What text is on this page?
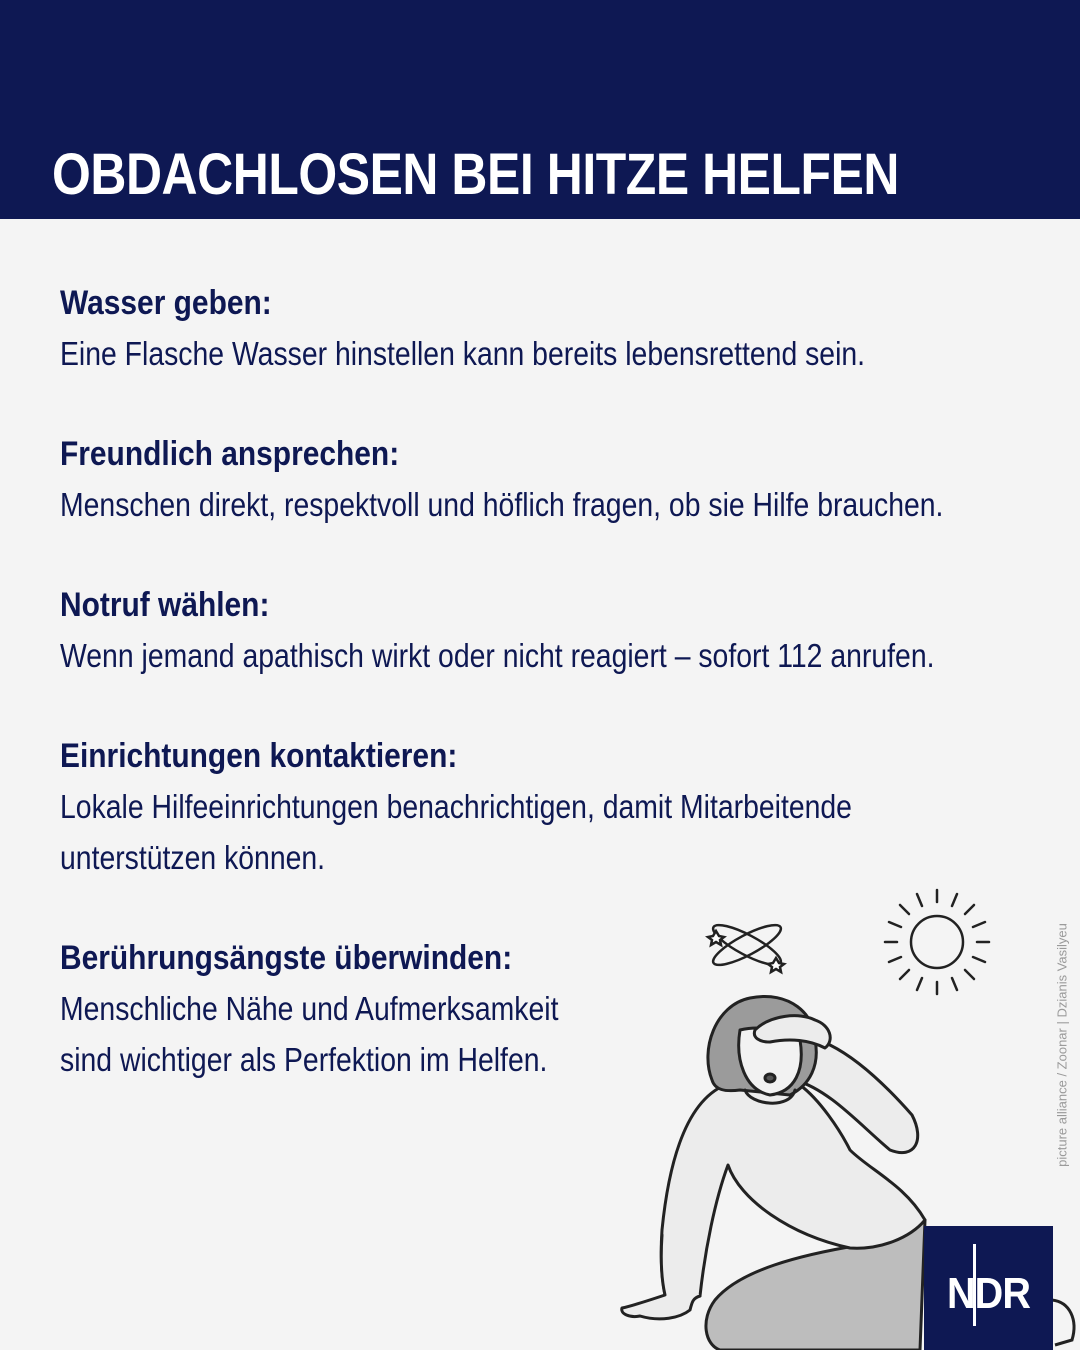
OBDACHLOSEN BEI HITZE HELFEN
Wasser geben:
Eine Flasche Wasser hinstellen kann bereits lebensrettend sein.
Freundlich ansprechen:
Menschen direkt, respektvoll und höflich fragen, ob sie Hilfe brauchen.
Notruf wählen:
Wenn jemand apathisch wirkt oder nicht reagiert – sofort 112 anrufen.
Einrichtungen kontaktieren:
Lokale Hilfeeinrichtungen benachrichtigen, damit Mitarbeitende
unterstützen können.
Berührungsängste überwinden:
Menschliche Nähe und Aufmerksamkeit
sind wichtiger als Perfektion im Helfen.	picture alliance / Zoonar | Dzianis Vasilyeu
NDR
